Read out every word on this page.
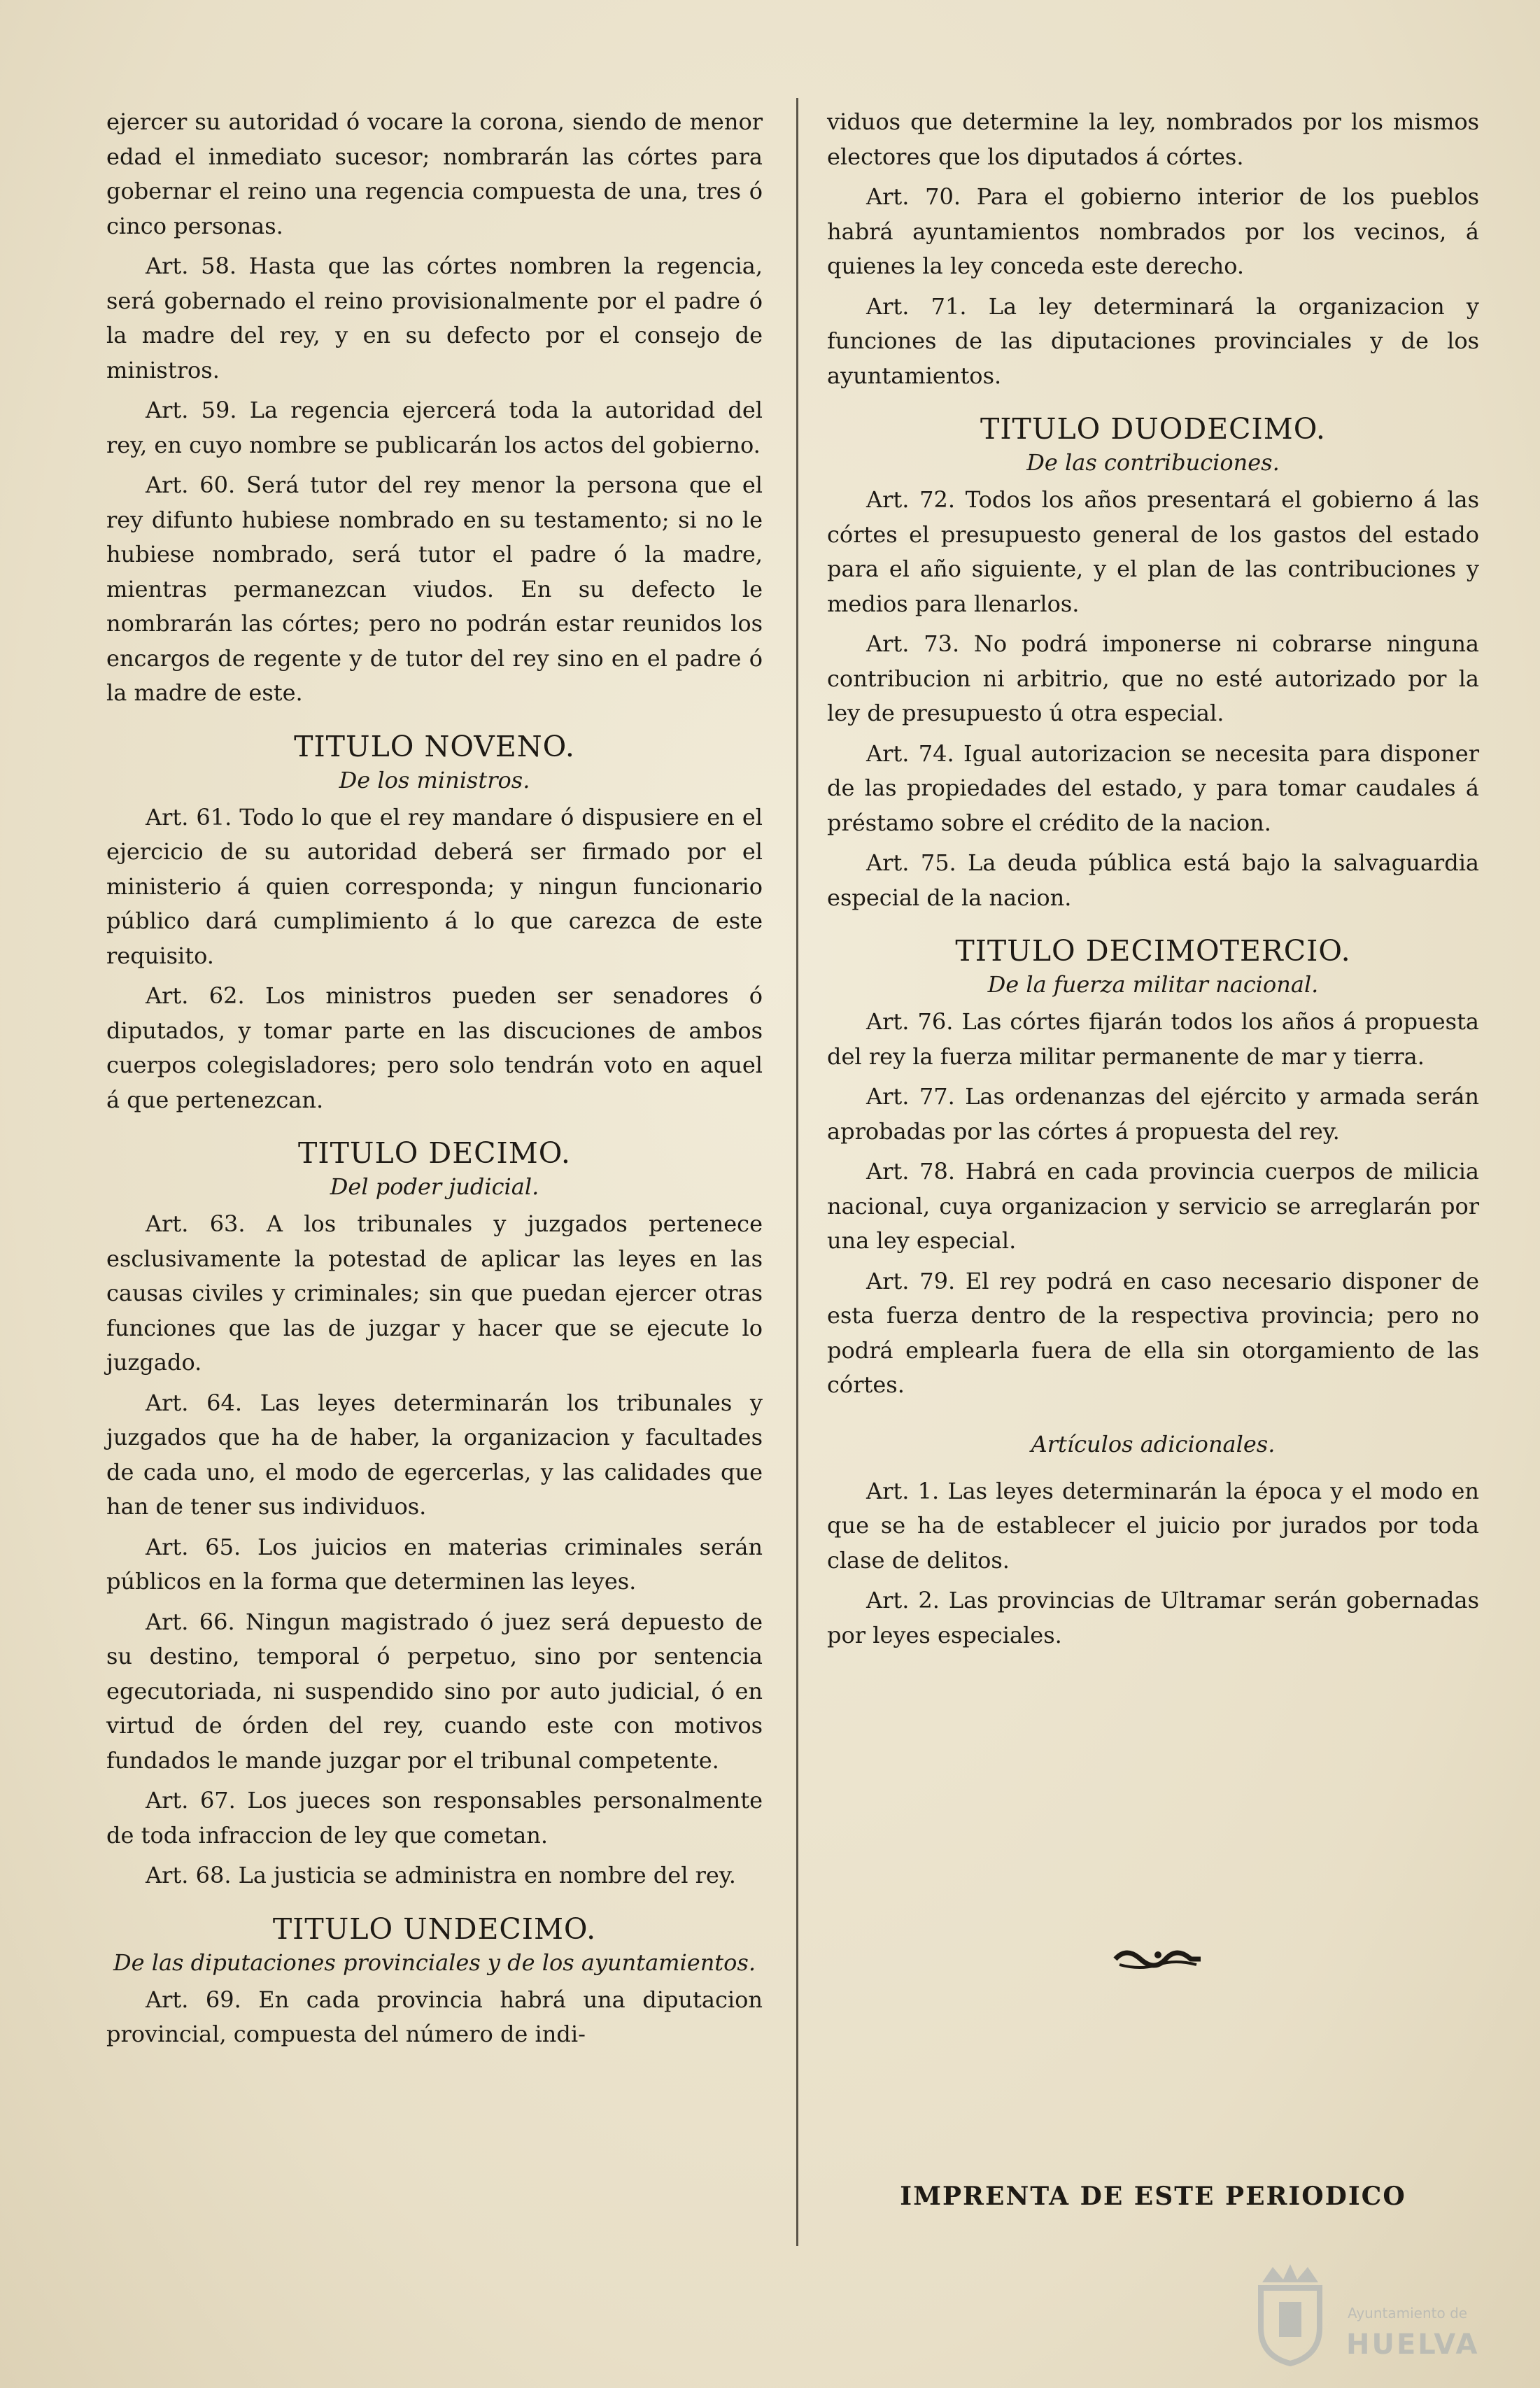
ejercer su autoridad ó vocare la corona, siendo de menor edad el inmediato sucesor; nombrarán las córtes para gobernar el reino una regencia compuesta de una, tres ó cinco personas.

Art. 58. Hasta que las córtes nombren la regencia, será gobernado el reino provisionalmente por el padre ó la madre del rey, y en su defecto por el consejo de ministros.

Art. 59. La regencia ejercerá toda la autoridad del rey, en cuyo nombre se publicarán los actos del gobierno.

Art. 60. Será tutor del rey menor la persona que el rey difunto hubiese nombrado en su testamento; si no le hubiese nombrado, será tutor el padre ó la madre, mientras permanezcan viudos. En su defecto le nombrarán las córtes; pero no podrán estar reunidos los encargos de regente y de tutor del rey sino en el padre ó la madre de este.

TITULO NOVENO.
De los ministros.

Art. 61. Todo lo que el rey mandare ó dispusiere en el ejercicio de su autoridad deberá ser firmado por el ministerio á quien corresponda; y ningun funcionario público dará cumplimiento á lo que carezca de este requisito.

Art. 62. Los ministros pueden ser senadores ó diputados, y tomar parte en las discuciones de ambos cuerpos colegisladores; pero solo tendrán voto en aquel á que pertenezcan.

TITULO DECIMO.
Del poder judicial.

Art. 63. A los tribunales y juzgados pertenece esclusivamente la potestad de aplicar las leyes en las causas civiles y criminales; sin que puedan ejercer otras funciones que las de juzgar y hacer que se ejecute lo juzgado.

Art. 64. Las leyes determinarán los tribunales y juzgados que ha de haber, la organizacion y facultades de cada uno, el modo de egercerlas, y las calidades que han de tener sus individuos.

Art. 65. Los juicios en materias criminales serán públicos en la forma que determinen las leyes.

Art. 66. Ningun magistrado ó juez será depuesto de su destino, temporal ó perpetuo, sino por sentencia egecutoriada, ni suspendido sino por auto judicial, ó en virtud de órden del rey, cuando este con motivos fundados le mande juzgar por el tribunal competente.

Art. 67. Los jueces son responsables personalmente de toda infraccion de ley que cometan.

Art. 68. La justicia se administra en nombre del rey.

TITULO UNDECIMO.
De las diputaciones provinciales y de los ayuntamientos.

Art. 69. En cada provincia habrá una diputacion provincial, compuesta del número de indi-

viduos que determine la ley, nombrados por los mismos electores que los diputados á córtes.

Art. 70. Para el gobierno interior de los pueblos habrá ayuntamientos nombrados por los vecinos, á quienes la ley conceda este derecho.

Art. 71. La ley determinará la organizacion y funciones de las diputaciones provinciales y de los ayuntamientos.

TITULO DUODECIMO.
De las contribuciones.

Art. 72. Todos los años presentará el gobierno á las córtes el presupuesto general de los gastos del estado para el año siguiente, y el plan de las contribuciones y medios para llenarlos.

Art. 73. No podrá imponerse ni cobrarse ninguna contribucion ni arbitrio, que no esté autorizado por la ley de presupuesto ú otra especial.

Art. 74. Igual autorizacion se necesita para disponer de las propiedades del estado, y para tomar caudales á préstamo sobre el crédito de la nacion.

Art. 75. La deuda pública está bajo la salvaguardia especial de la nacion.

TITULO DECIMOTERCIO.
De la fuerza militar nacional.

Art. 76. Las córtes fijarán todos los años á propuesta del rey la fuerza militar permanente de mar y tierra.

Art. 77. Las ordenanzas del ejército y armada serán aprobadas por las córtes á propuesta del rey.

Art. 78. Habrá en cada provincia cuerpos de milicia nacional, cuya organizacion y servicio se arreglarán por una ley especial.

Art. 79. El rey podrá en caso necesario disponer de esta fuerza dentro de la respectiva provincia; pero no podrá emplearla fuera de ella sin otorgamiento de las córtes.

Artículos adicionales.

Art. 1. Las leyes determinarán la época y el modo en que se ha de establecer el juicio por jurados por toda clase de delitos.

Art. 2. Las provincias de Ultramar serán gobernadas por leyes especiales.

IMPRENTA DE ESTE PERIODICO
Ayuntamiento de
HUELVA
